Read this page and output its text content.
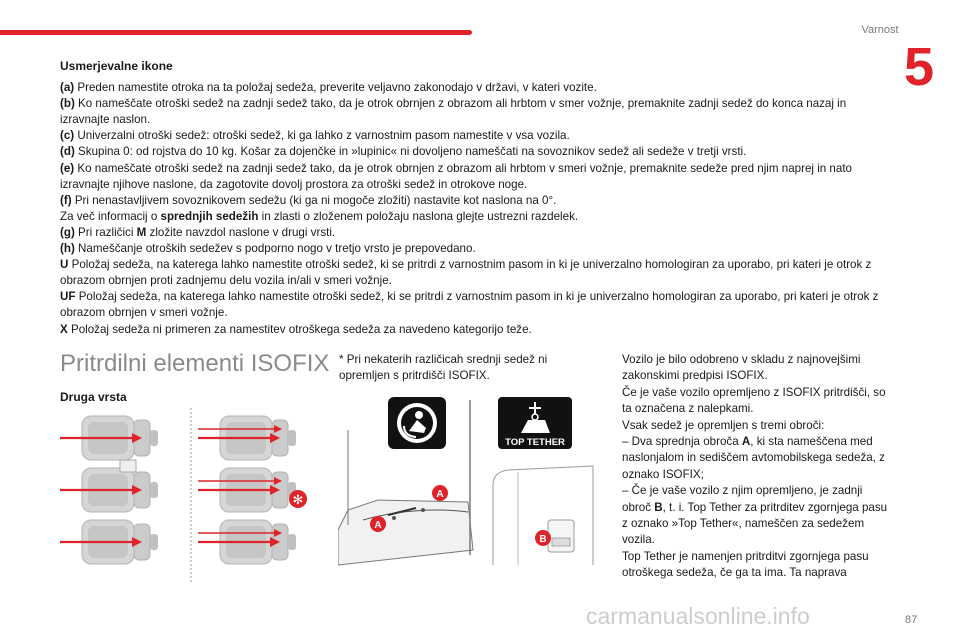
Varnost
5
Usmerjevalne ikone

(a) Preden namestite otroka na ta položaj sedeža, preverite veljavno zakonodajo v državi, v kateri vozite.

(b) Ko nameščate otroški sedež na zadnji sedež tako, da je otrok obrnjen z obrazom ali hrbtom v smer vožnje, premaknite zadnji sedež do konca nazaj in izravnajte naslon.

(c) Univerzalni otroški sedež: otroški sedež, ki ga lahko z varnostnim pasom namestite v vsa vozila.

(d) Skupina 0: od rojstva do 10 kg. Košar za dojenčke in »lupinic« ni dovoljeno nameščati na sovoznikov sedež ali sedeže v tretji vrsti.

(e) Ko nameščate otroški sedež na zadnji sedež tako, da je otrok obrnjen z obrazom ali hrbtom v smeri vožnje, premaknite sedeže pred njim naprej in nato izravnajte njihove naslone, da zagotovite dovolj prostora za otroški sedež in otrokove noge.

(f) Pri nenastavljivem sovoznikovem sedežu (ki ga ni mogoče zložiti) nastavite kot naslona na 0°.

Za več informacij o sprednjih sedežih in zlasti o zloženem položaju naslona glejte ustrezni razdelek.

(g) Pri različici M zložite navzdol naslone v drugi vrsti.

(h) Nameščanje otroških sedežev s podporno nogo v tretjo vrsto je prepovedano.

U Položaj sedeža, na katerega lahko namestite otroški sedež, ki se pritrdi z varnostnim pasom in ki je univerzalno homologiran za uporabo, pri kateri je otrok z obrazom obrnjen proti zadnjemu delu vozila in/ali v smeri vožnje.

UF Položaj sedeža, na katerega lahko namestite otroški sedež, ki se pritrdi z varnostnim pasom in ki je univerzalno homologiran za uporabo, pri kateri je otrok z obrazom obrnjen v smeri vožnje.

X Položaj sedeža ni primeren za namestitev otroškega sedeža za navedeno kategorijo teže.

Pritrdilni elementi ISOFIX
Druga vrsta
✻

* Pri nekaterih različicah srednji sedež ni opremljen s pritrdišči ISOFIX.

A
A
B
TOP TETHER

Vozilo je bilo odobreno v skladu z najnovejšimi zakonskimi predpisi ISOFIX.

Če je vaše vozilo opremljeno z ISOFIX pritrdišči, so ta označena z nalepkami.

Vsak sedež je opremljen s tremi obroči:

– Dva sprednja obroča A, ki sta nameščena med naslonjalom in sediščem avtomobilskega sedeža, z oznako ISOFIX;

– Če je vaše vozilo z njim opremljeno, je zadnji obroč B, t. i. Top Tether za pritrditev zgornjega pasu z oznako »Top Tether«, nameščen za sedežem vozila.

Top Tether je namenjen pritrditvi zgornjega pasu otroškega sedeža, če ga ta ima. Ta naprava

87
carmanualsonline.info
